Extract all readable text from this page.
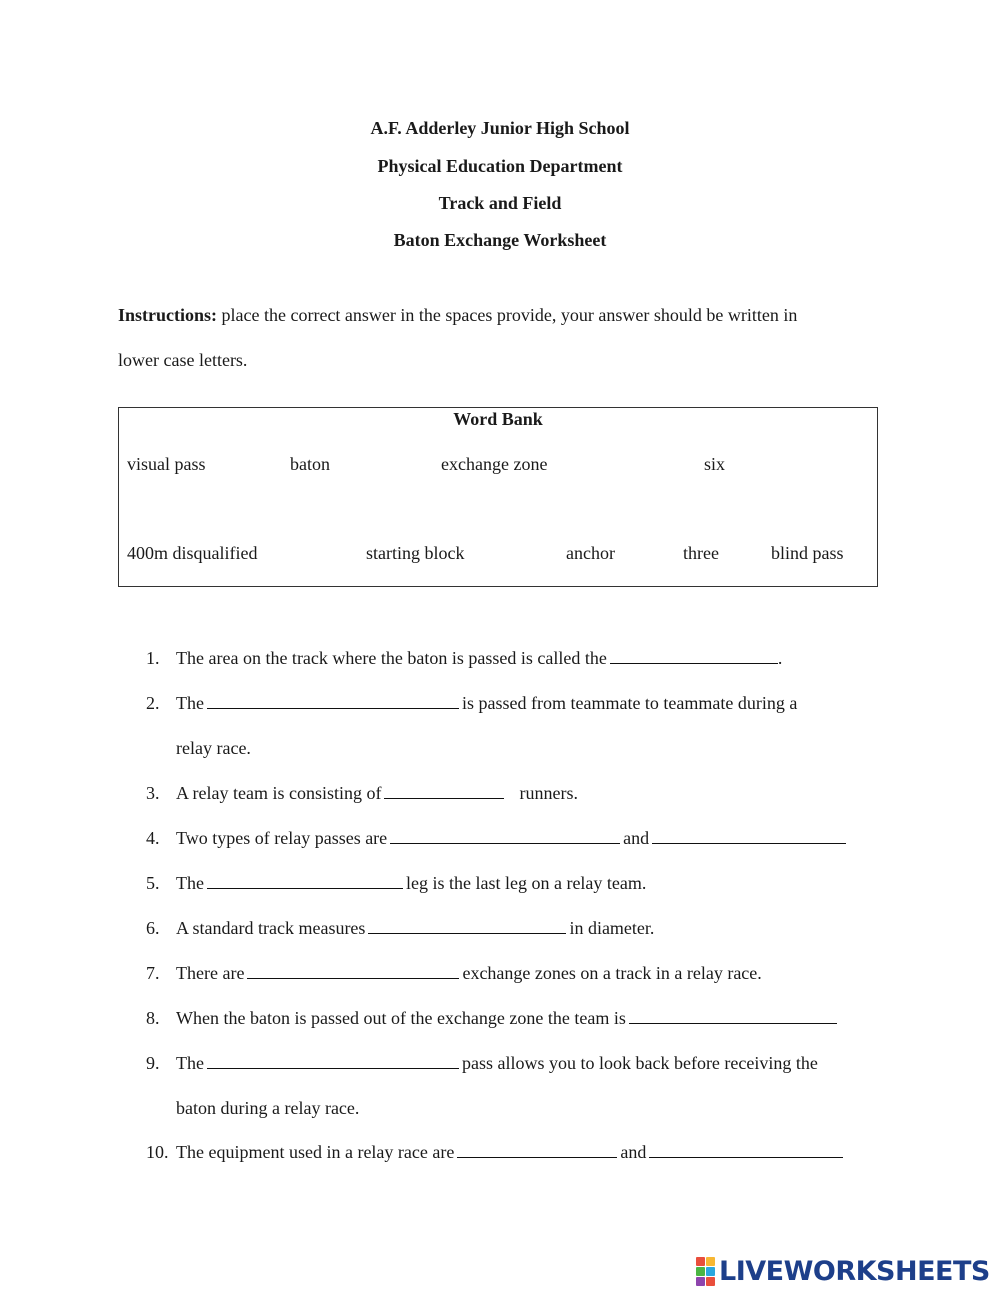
A.F. Adderley Junior High School
Physical Education Department
Track and Field
Baton Exchange Worksheet
Instructions: place the correct answer in the spaces provide, your answer should be written in
lower case letters.
Word Bank
visual pass	baton	exchange zone	six
400m disqualified	starting block	anchor	three	blind pass
1. The area on the track where the baton is passed is called the	.
2. The	is passed from teammate to teammate during a
relay race.
3. A relay team is consisting of	runners.
4. Two types of relay passes are	and
5. The	leg is the last leg on a relay team.
6. A standard track measures	in diameter.
7. There are	exchange zones on a track in a relay race.
8. When the baton is passed out of the exchange zone the team is
9. The	pass allows you to look back before receiving the
baton during a relay race.
10. The equipment used in a relay race are	and
LIVEWORKSHEETS
